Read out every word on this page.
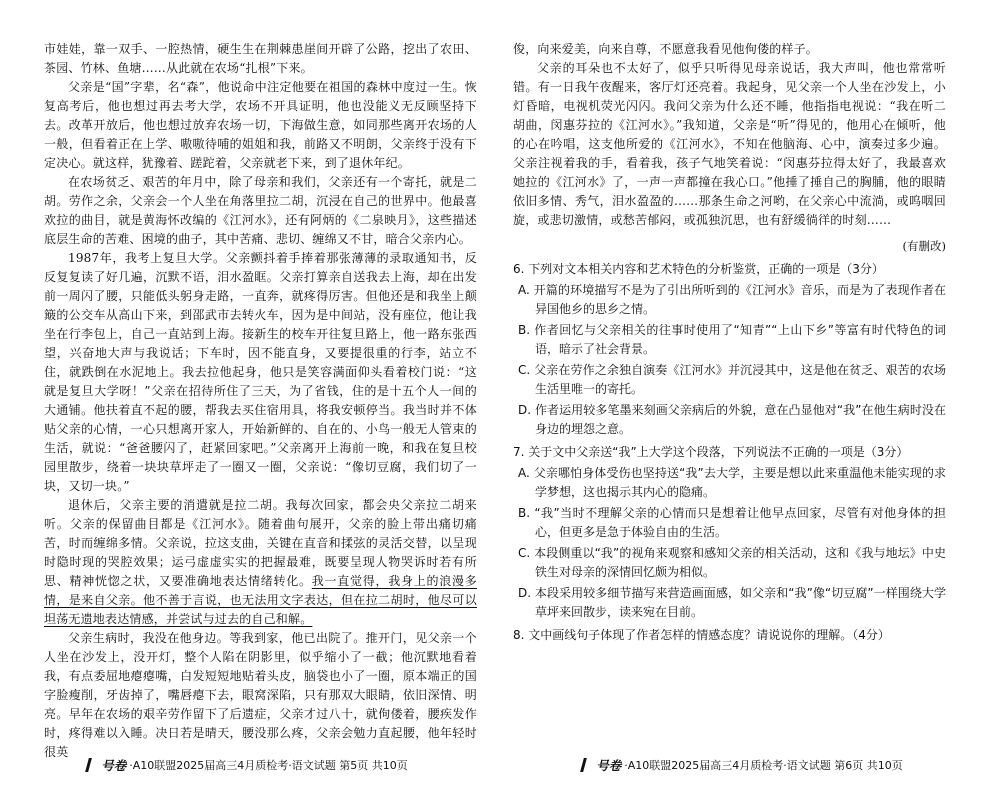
市娃娃，靠一双手、一腔热情，硬生生在荆棘患崖间开辟了公路，挖出了农田、茶园、竹林、鱼塘……从此就在农场“扎根”下来。

父亲是“国”字辈，名“森”，他说命中注定他要在祖国的森林中度过一生。恢复高考后，他也想过再去考大学，农场不开具证明，他也没能义无反顾坚持下去。改革开放后，他也想过放弃农场一切，下海做生意，如同那些离开农场的人一般，但看着正在上学、嗷嗷待哺的姐姐和我，前路又不明朗，父亲终于没有下定决心。就这样，犹豫着、蹉跎着，父亲就老下来，到了退休年纪。

在农场贫乏、艰苦的年月中，除了母亲和我们，父亲还有一个寄托，就是二胡。劳作之余，父亲会一个人坐在角落里拉二胡，沉浸在自己的世界中。他最喜欢拉的曲目，就是黄海怀改编的《江河水》，还有阿炳的《二泉映月》，这些描述底层生命的苦难、困境的曲子，其中苦痛、悲切、缠绵又不甘，暗合父亲内心。

1987年，我考上复旦大学。父亲颤抖着手捧着那张薄薄的录取通知书，反反复复读了好几遍，沉默不语，泪水盈眶。父亲打算亲自送我去上海，却在出发前一周闪了腰，只能低头躬身走路，一直奔，就疼得厉害。但他还是和我坐上颠簸的公交车从高山下来，到邵武市去转火车，因为是中间站，没有座位，他让我坐在行李包上，自己一直站到上海。接新生的校车开往复旦路上，他一路东张西望，兴奋地大声与我说话；下车时，因不能直身，又要提很重的行李，站立不住，就跌倒在水泥地上。我去拉他起身，他只是笑容满面仰头看着校门说：“这就是复旦大学呀！”父亲在招待所住了三天，为了省钱，住的是十五个人一间的大通铺。他扶着直不起的腰，帮我去买住宿用具，将我安顿停当。我当时并不体贴父亲的心情，一心只想离开家人，开始新鲜的、自在的、小鸟一般无人管束的生活，就说：“爸爸腰闪了，赶紧回家吧。”父亲离开上海前一晚，和我在复旦校园里散步，绕着一块块草坪走了一圈又一圈，父亲说：“像切豆腐，我们切了一块，又切一块。”

退休后，父亲主要的消遣就是拉二胡。我每次回家，都会央父亲拉二胡来听。父亲的保留曲目都是《江河水》。随着曲句展开，父亲的脸上带出痛切痛苦，时而缠绵多情。父亲说，拉这支曲，关键在直音和揉弦的灵活交替，以呈现时隐时现的哭腔效果；运弓虚虚实实的把握最难，既要呈现人物哭诉时若有所思、精神恍惚之状，又要准确地表达情绪转化。我一直觉得，我身上的浪漫多情，是来自父亲。他不善于言说，也无法用文字表达，但在拉二胡时，他尽可以坦荡无遗地表达情感，并尝试与过去的自己和解。

父亲生病时，我没在他身边。等我到家，他已出院了。推开门，见父亲一个人坐在沙发上，没开灯，整个人陷在阴影里，似乎缩小了一截；他沉默地看着我，有点委屈地瘪瘪嘴，白发短短地贴着头皮，脑袋也小了一圈，原本端正的国字脸瘦削，牙齿掉了，嘴唇瘪下去，眼窝深陷，只有那双大眼睛，依旧深情、明亮。早年在农场的艰辛劳作留下了后遗症，父亲才过八十，就佝偻着，腰疾发作时，疼得难以入睡。决日若是晴天，腰没那么疼，父亲会勉力直起腰，他年轻时很英

号卷 ·A10联盟2025届高三4月质检考·语文试题 第5页 共10页

俊，向来爱美，向来自尊，不愿意我看见他佝偻的样子。

父亲的耳朵也不太好了，似乎只听得见母亲说话，我大声叫，他也常常听错。有一日我午夜醒来，客厅灯还亮着。我起身，见父亲一个人坐在沙发上，小灯昏暗，电视机荧光闪闪。我问父亲为什么还不睡，他指指电视说：“我在听二胡曲，闵惠芬拉的《江河水》。”我知道，父亲是“听”得见的，他用心在倾听，他的心在吟唱，这支他所爱的《江河水》，不知在他脑海、心中，演奏过多少遍。父亲注视着我的手，看着我，孩子气地笑着说：“闵惠芬拉得太好了，我最喜欢她拉的《江河水》了，一声一声都撞在我心口。”他捶了捶自己的胸脯，他的眼睛依旧多情、秀气，泪水盈盈的……那条生命之河哟，在父亲心中流淌，或呜咽回旋，或悲切激情，或愁苦郁闷，或孤独沉思，也有舒缓徜徉的时刻……

(有删改)

6. 下列对文本相关内容和艺术特色的分析鉴赏，正确的一项是（3分）

A. 开篇的环境描写不是为了引出所听到的《江河水》音乐，而是为了表现作者在异国他乡的思乡之情。

B. 作者回忆与父亲相关的往事时使用了“知青”“上山下乡”等富有时代特色的词语，暗示了社会背景。

C. 父亲在劳作之余独自演奏《江河水》并沉浸其中，这是他在贫乏、艰苦的农场生活里唯一的寄托。

D. 作者运用较多笔墨来刻画父亲病后的外貌，意在凸显他对“我”在他生病时没在身边的埋怨之意。

7. 关于文中父亲送“我”上大学这个段落，下列说法不正确的一项是（3分）

A. 父亲哪怕身体受伤也坚持送“我”去大学，主要是想以此来重温他未能实现的求学梦想，这也揭示其内心的隐痛。

B. “我”当时不理解父亲的心情而只是想着让他早点回家，尽管有对他身体的担心，但更多是急于体验自由的生活。

C. 本段侧重以“我”的视角来观察和感知父亲的相关活动，这和《我与地坛》中史铁生对母亲的深情回忆颇为相似。

D. 本段采用较多细节描写来营造画面感，如父亲和“我”像“切豆腐”一样围绕大学草坪来回散步，读来宛在目前。

8. 文中画线句子体现了作者怎样的情感态度？请说说你的理解。（4分）

号卷 ·A10联盟2025届高三4月质检考·语文试题 第6页 共10页
